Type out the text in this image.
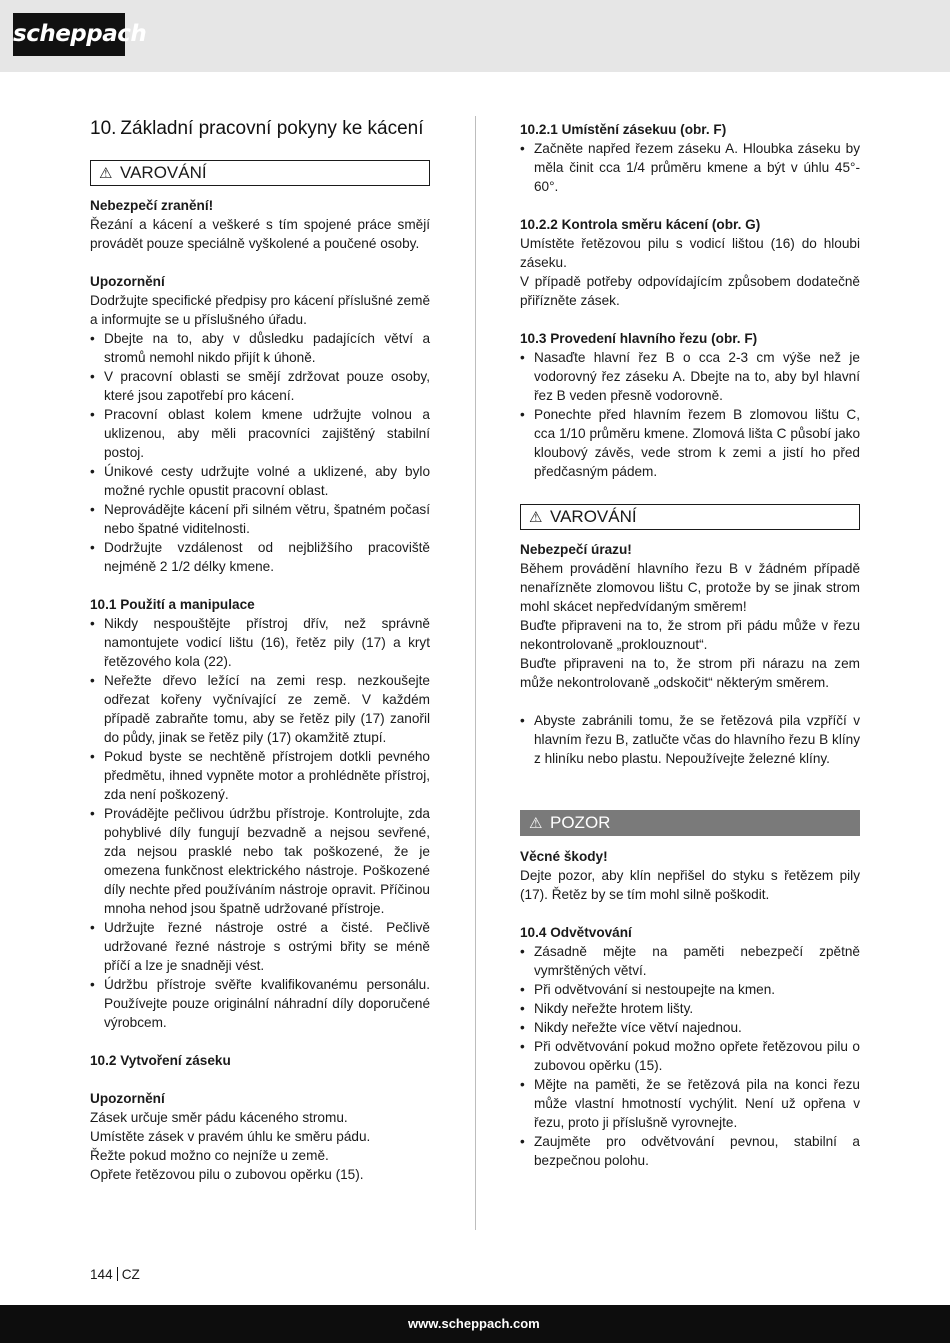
scheppach
10. Základní pracovní pokyny ke kácení
⚠ VAROVÁNÍ

Nebezpečí zranění!

Řezání a kácení a veškeré s tím spojené práce smějí provádět pouze speciálně vyškolené a poučené osoby.

Upozornění

Dodržujte specifické předpisy pro kácení příslušné země a informujte se u příslušného úřadu.

• Dbejte na to, aby v důsledku padajících větví a stromů nemohl nikdo přijít k úhoně.

• V pracovní oblasti se smějí zdržovat pouze osoby, které jsou zapotřebí pro kácení.

• Pracovní oblast kolem kmene udržujte volnou a uklizenou, aby měli pracovníci zajištěný stabilní postoj.

• Únikové cesty udržujte volné a uklizené, aby bylo možné rychle opustit pracovní oblast.

• Neprovádějte kácení při silném větru, špatném počasí nebo špatné viditelnosti.

• Dodržujte vzdálenost od nejbližšího pracoviště nejméně 2 1/2 délky kmene.

10.1 Použití a manipulace

• Nikdy nespouštějte přístroj dřív, než správně namontujete vodicí lištu (16), řetěz pily (17) a kryt řetězového kola (22).

• Neřežte dřevo ležící na zemi resp. nezkoušejte odřezat kořeny vyčnívající ze země. V každém případě zabraňte tomu, aby se řetěz pily (17) zanořil do půdy, jinak se řetěz pily (17) okamžitě ztupí.

• Pokud byste se nechtěně přístrojem dotkli pevného předmětu, ihned vypněte motor a prohlédněte přístroj, zda není poškozený.

• Provádějte pečlivou údržbu přístroje. Kontrolujte, zda pohyblivé díly fungují bezvadně a nejsou sevřené, zda nejsou prasklé nebo tak poškozené, že je omezena funkčnost elektrického nástroje. Poškozené díly nechte před používáním nástroje opravit. Příčinou mnoha nehod jsou špatně udržované přístroje.

• Udržujte řezné nástroje ostré a čisté. Pečlivě udržované řezné nástroje s ostrými břity se méně příčí a lze je snadněji vést.

• Údržbu přístroje svěřte kvalifikovanému personálu. Používejte pouze originální náhradní díly doporučené výrobcem.

10.2 Vytvoření záseku

Upozornění

Zásek určuje směr pádu káceného stromu.

Umístěte zásek v pravém úhlu ke směru pádu.

Řežte pokud možno co nejníže u země.

Opřete řetězovou pilu o zubovou opěrku (15).

10.2.1 Umístění zásekuu (obr. F)

• Začněte napřed řezem záseku A. Hloubka záseku by měla činit cca 1/4 průměru kmene a být v úhlu 45°- 60°.

10.2.2 Kontrola směru kácení (obr. G)

Umístěte řetězovou pilu s vodicí lištou (16) do hloubi záseku.

V případě potřeby odpovídajícím způsobem dodatečně přiřízněte zásek.

10.3 Provedení hlavního řezu (obr. F)

• Nasaďte hlavní řez B o cca 2-3 cm výše než je vodorovný řez záseku A. Dbejte na to, aby byl hlavní řez B veden přesně vodorovně.

• Ponechte před hlavním řezem B zlomovou lištu C, cca 1/10 průměru kmene. Zlomová lišta C působí jako kloubový závěs, vede strom k zemi a jistí ho před předčasným pádem.

⚠ VAROVÁNÍ

Nebezpečí úrazu!

Během provádění hlavního řezu B v žádném případě nenařízněte zlomovou lištu C, protože by se jinak strom mohl skácet nepředvídaným směrem!

Buďte připraveni na to, že strom při pádu může v řezu nekontrolovaně „proklouznout“.

Buďte připraveni na to, že strom při nárazu na zem může nekontrolovaně „odskočit“ některým směrem.

• Abyste zabránili tomu, že se řetězová pila vzpříčí v hlavním řezu B, zatlučte včas do hlavního řezu B klíny z hliníku nebo plastu. Nepoužívejte železné klíny.

⚠ POZOR

Věcné škody!

Dejte pozor, aby klín nepřišel do styku s řetězem pily (17). Řetěz by se tím mohl silně poškodit.

10.4 Odvětvování

• Zásadně mějte na paměti nebezpečí zpětně vymrštěných větví.

• Při odvětvování si nestoupejte na kmen.

• Nikdy neřežte hrotem lišty.

• Nikdy neřežte více větví najednou.

• Při odvětvování pokud možno opřete řetězovou pilu o zubovou opěrku (15).

• Mějte na paměti, že se řetězová pila na konci řezu může vlastní hmotností vychýlit. Není už opřena v řezu, proto ji příslušně vyrovnejte.

• Zaujměte pro odvětvování pevnou, stabilní a bezpečnou polohu.

144 CZ
www.scheppach.com
